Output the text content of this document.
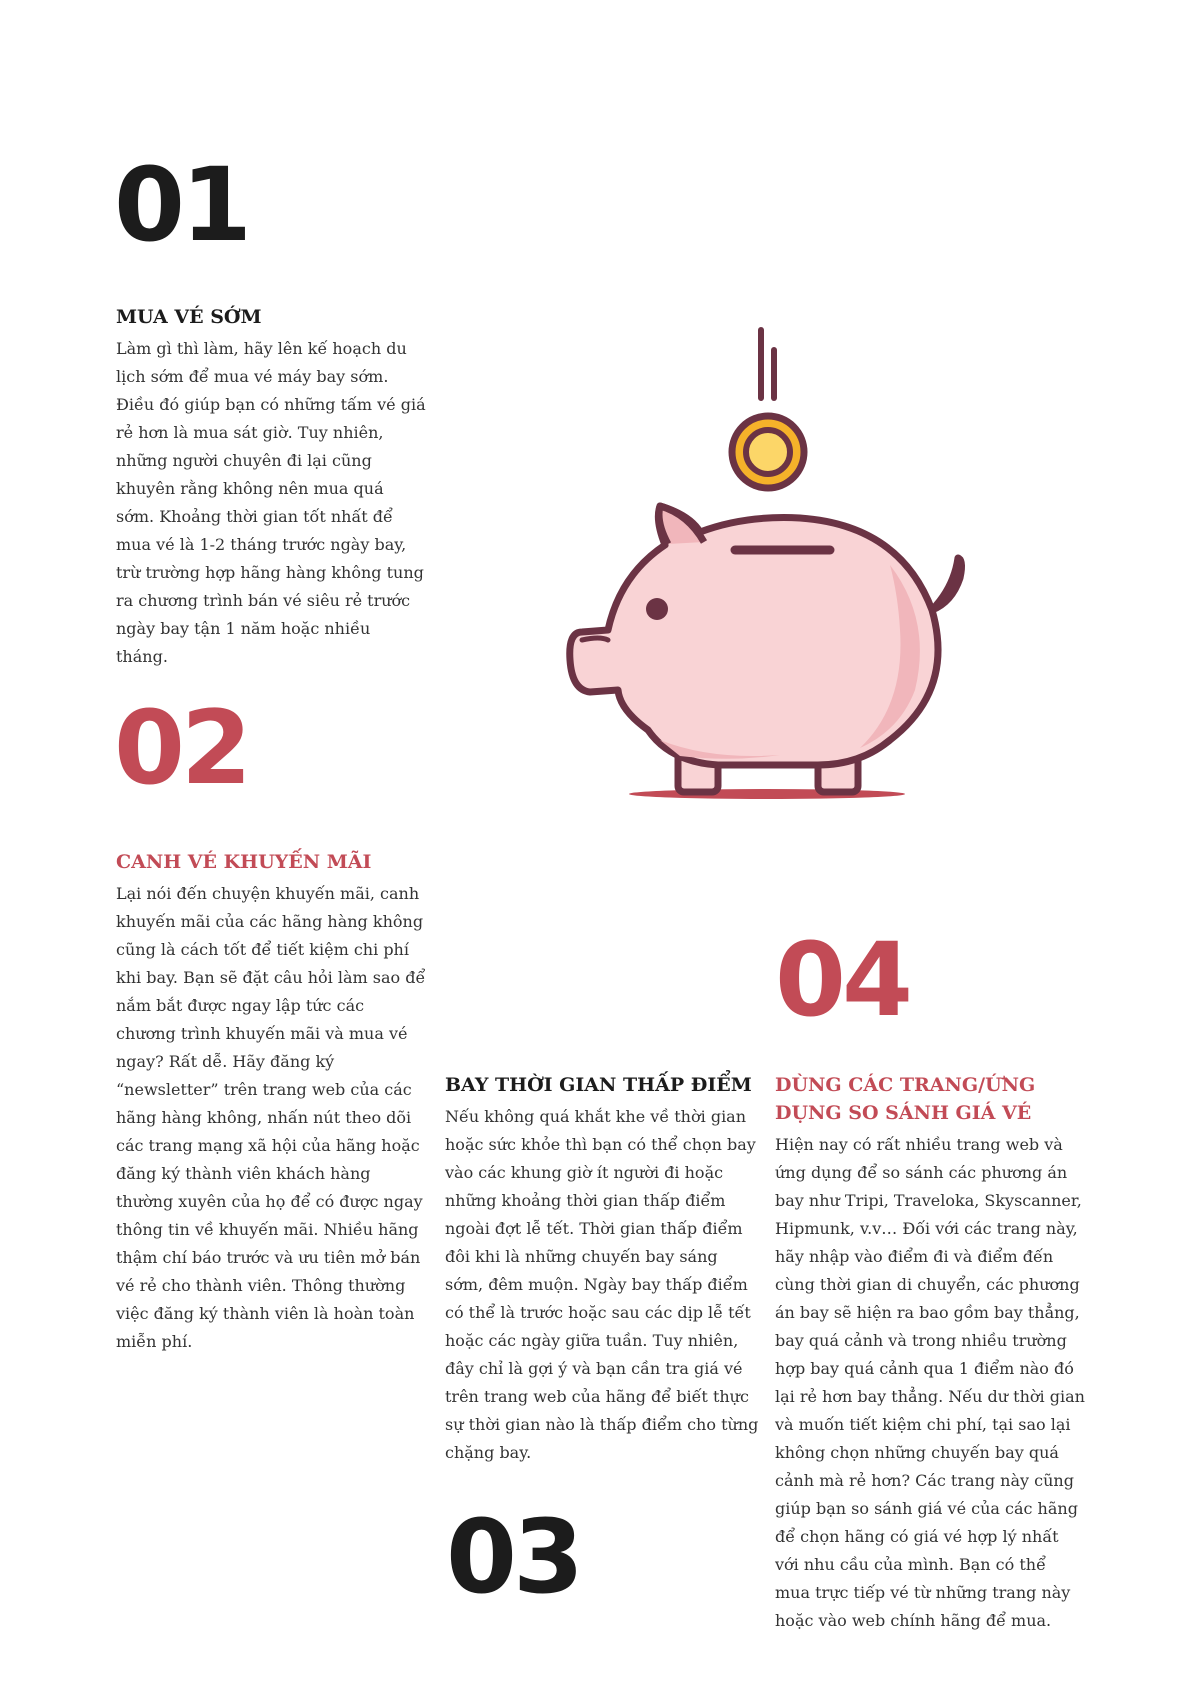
01
MUA VÉ SỚM

Làm gì thì làm, hãy lên kế hoạch du lịch sớm để mua vé máy bay sớm. Điều đó giúp bạn có những tấm vé giá rẻ hơn là mua sát giờ. Tuy nhiên, những người chuyên đi lại cũng khuyên rằng không nên mua quá sớm. Khoảng thời gian tốt nhất để mua vé là 1-2 tháng trước ngày bay, trừ trường hợp hãng hàng không tung ra chương trình bán vé siêu rẻ trước ngày bay tận 1 năm hoặc nhiều tháng.

02
CANH VÉ KHUYẾN MÃI

Lại nói đến chuyện khuyến mãi, canh khuyến mãi của các hãng hàng không cũng là cách tốt để tiết kiệm chi phí khi bay. Bạn sẽ đặt câu hỏi làm sao để nắm bắt được ngay lập tức các chương trình khuyến mãi và mua vé ngay? Rất dễ. Hãy đăng ký “newsletter” trên trang web của các hãng hàng không, nhấn nút theo dõi các trang mạng xã hội của hãng hoặc đăng ký thành viên khách hàng thường xuyên của họ để có được ngay thông tin về khuyến mãi. Nhiều hãng thậm chí báo trước và ưu tiên mở bán vé rẻ cho thành viên. Thông thường việc đăng ký thành viên là hoàn toàn miễn phí.

BAY THỜI GIAN THẤP ĐIỂM

Nếu không quá khắt khe về thời gian hoặc sức khỏe thì bạn có thể chọn bay vào các khung giờ ít người đi hoặc những khoảng thời gian thấp điểm ngoài đợt lễ tết. Thời gian thấp điểm đôi khi là những chuyến bay sáng sớm, đêm muộn. Ngày bay thấp điểm có thể là trước hoặc sau các dịp lễ tết hoặc các ngày giữa tuần. Tuy nhiên, đây chỉ là gợi ý và bạn cần tra giá vé trên trang web của hãng để biết thực sự thời gian nào là thấp điểm cho từng chặng bay.

03
04
DÙNG CÁC TRANG/ỨNG DỤNG SO SÁNH GIÁ VÉ

Hiện nay có rất nhiều trang web và ứng dụng để so sánh các phương án bay như Tripi, Traveloka, Skyscanner, Hipmunk, v.v… Đối với các trang này, hãy nhập vào điểm đi và điểm đến cùng thời gian di chuyển, các phương án bay sẽ hiện ra bao gồm bay thẳng, bay quá cảnh và trong nhiều trường hợp bay quá cảnh qua 1 điểm nào đó lại rẻ hơn bay thẳng. Nếu dư thời gian và muốn tiết kiệm chi phí, tại sao lại không chọn những chuyến bay quá cảnh mà rẻ hơn? Các trang này cũng giúp bạn so sánh giá vé của các hãng để chọn hãng có giá vé hợp lý nhất với nhu cầu của mình. Bạn có thể mua trực tiếp vé từ những trang này hoặc vào web chính hãng để mua.
